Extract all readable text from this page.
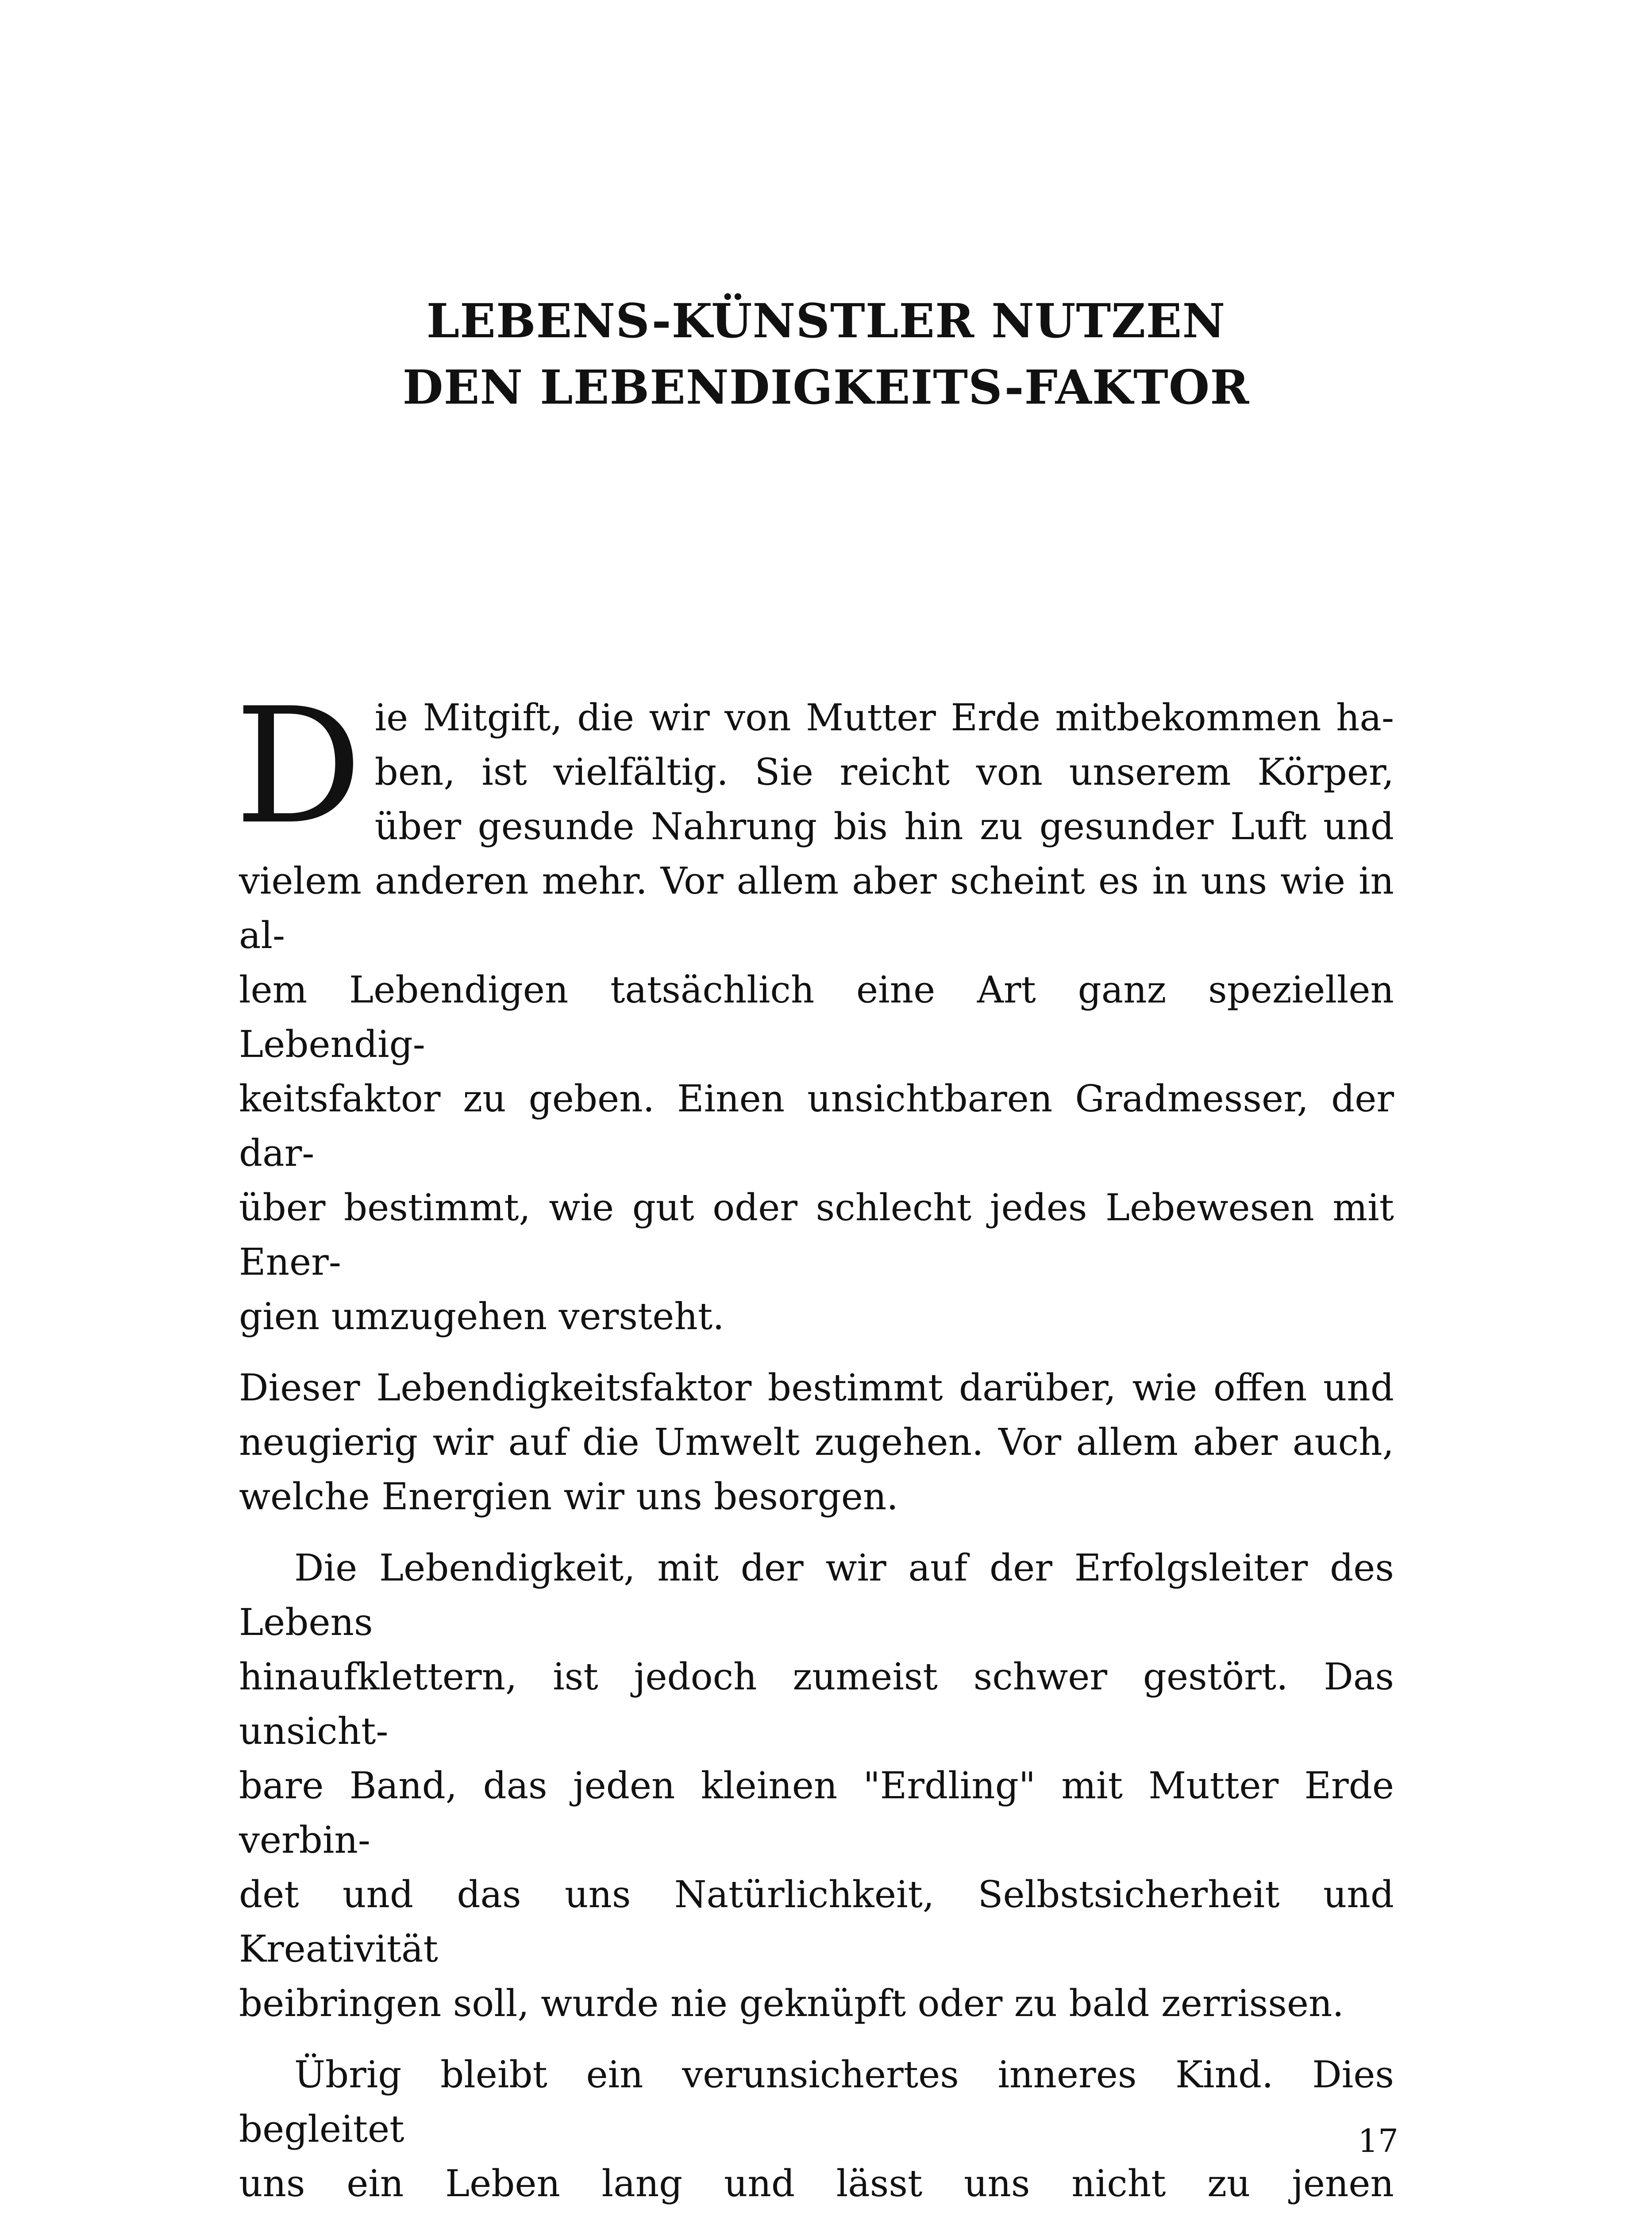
LEBENS-KÜNSTLER NUTZEN
DEN LEBENDIGKEITS-FAKTOR
D ie Mitgift, die wir von Mutter Erde mitbekommen ha-
ben, ist vielfältig. Sie reicht von unserem Körper,
über gesunde Nahrung bis hin zu gesunder Luft und
vielem anderen mehr. Vor allem aber scheint es in uns wie in al-
lem Lebendigen tatsächlich eine Art ganz speziellen Lebendig-
keitsfaktor zu geben. Einen unsichtbaren Gradmesser, der dar-
über bestimmt, wie gut oder schlecht jedes Lebewesen mit Ener-
gien umzugehen versteht.
Dieser Lebendigkeitsfaktor bestimmt darüber, wie offen und
neugierig wir auf die Umwelt zugehen. Vor allem aber auch,
welche Energien wir uns besorgen.
Die Lebendigkeit, mit der wir auf der Erfolgsleiter des Lebens
hinaufklettern, ist jedoch zumeist schwer gestört. Das unsicht-
bare Band, das jeden kleinen "Erdling" mit Mutter Erde verbin-
det und das uns Natürlichkeit, Selbstsicherheit und Kreativität
beibringen soll, wurde nie geknüpft oder zu bald zerrissen.
Übrig bleibt ein verunsichertes inneres Kind. Dies begleitet
uns ein Leben lang und lässt uns nicht zu jenen
17
